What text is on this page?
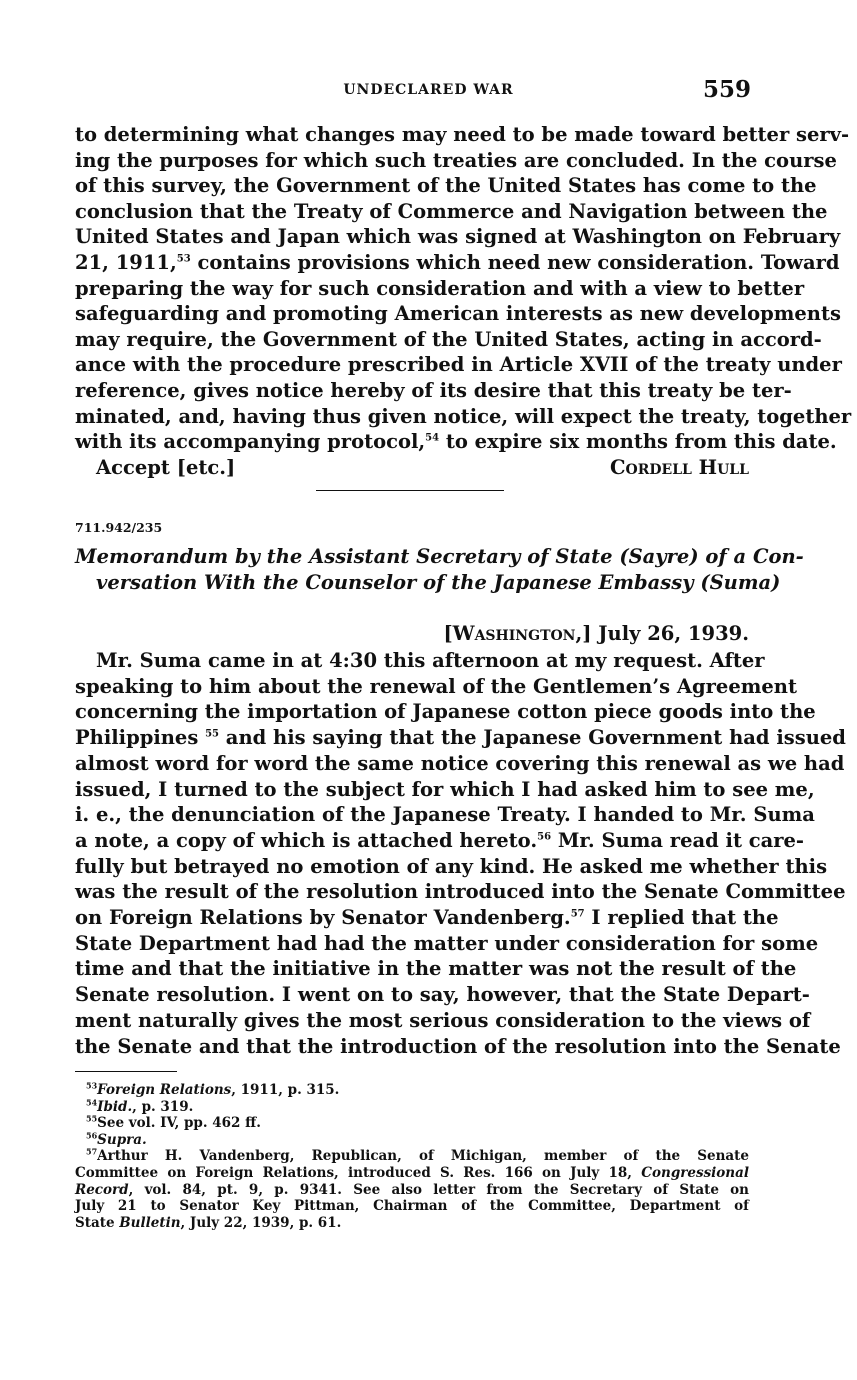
UNDECLARED WAR	559
to determining what changes may need to be made toward better serv-
ing the purposes for which such treaties are concluded. In the course
of this survey, the Government of the United States has come to the
conclusion that the Treaty of Commerce and Navigation between the
United States and Japan which was signed at Washington on February
21, 1911,53 contains provisions which need new consideration. Toward
preparing the way for such consideration and with a view to better
safeguarding and promoting American interests as new developments
may require, the Government of the United States, acting in accord-
ance with the procedure prescribed in Article XVII of the treaty under
reference, gives notice hereby of its desire that this treaty be ter-
minated, and, having thus given notice, will expect the treaty, together
with its accompanying protocol,$^{54}$ to expire six months from this date.
Accept [etc.]	Cordell Hull
711.942/235
Memorandum by the Assistant Secretary of State (Sayre) of a Con-
versation With the Counselor of the Japanese Embassy (Suma)
[Washington,] July 26, 1939.
Mr. Suma came in at 4:30 this afternoon at my request. After
speaking to him about the renewal of the Gentlemen’s Agreement
concerning the importation of Japanese cotton piece goods into the
Philippines $^{55}$ and his saying that the Japanese Government had issued
almost word for word the same notice covering this renewal as we had
issued, I turned to the subject for which I had asked him to see me,
i. e., the denunciation of the Japanese Treaty. I handed to Mr. Suma
a note, a copy of which is attached hereto.$^{56}$ Mr. Suma read it care-
fully but betrayed no emotion of any kind. He asked me whether this
was the result of the resolution introduced into the Senate Committee
on Foreign Relations by Senator Vandenberg.$^{57}$ I replied that the
State Department had had the matter under consideration for some
time and that the initiative in the matter was not the result of the
Senate resolution. I went on to say, however, that the State Depart-
ment naturally gives the most serious consideration to the views of
the Senate and that the introduction of the resolution into the Senate
$^{53}$Foreign Relations, 1911, p. 315.
$^{54}$Ibid., p. 319.
$^{55}$See vol. IV, pp. 462 ff.
$^{56}$Supra.
$^{57}$Arthur H. Vandenberg, Republican, of Michigan, member of the Senate
Committee on Foreign Relations, introduced S. Res. 166 on July 18, Congressional
Record, vol. 84, pt. 9, p. 9341. See also letter from the Secretary of State on
July 21 to Senator Key Pittman, Chairman of the Committee, Department of
State Bulletin, July 22, 1939, p. 61.
